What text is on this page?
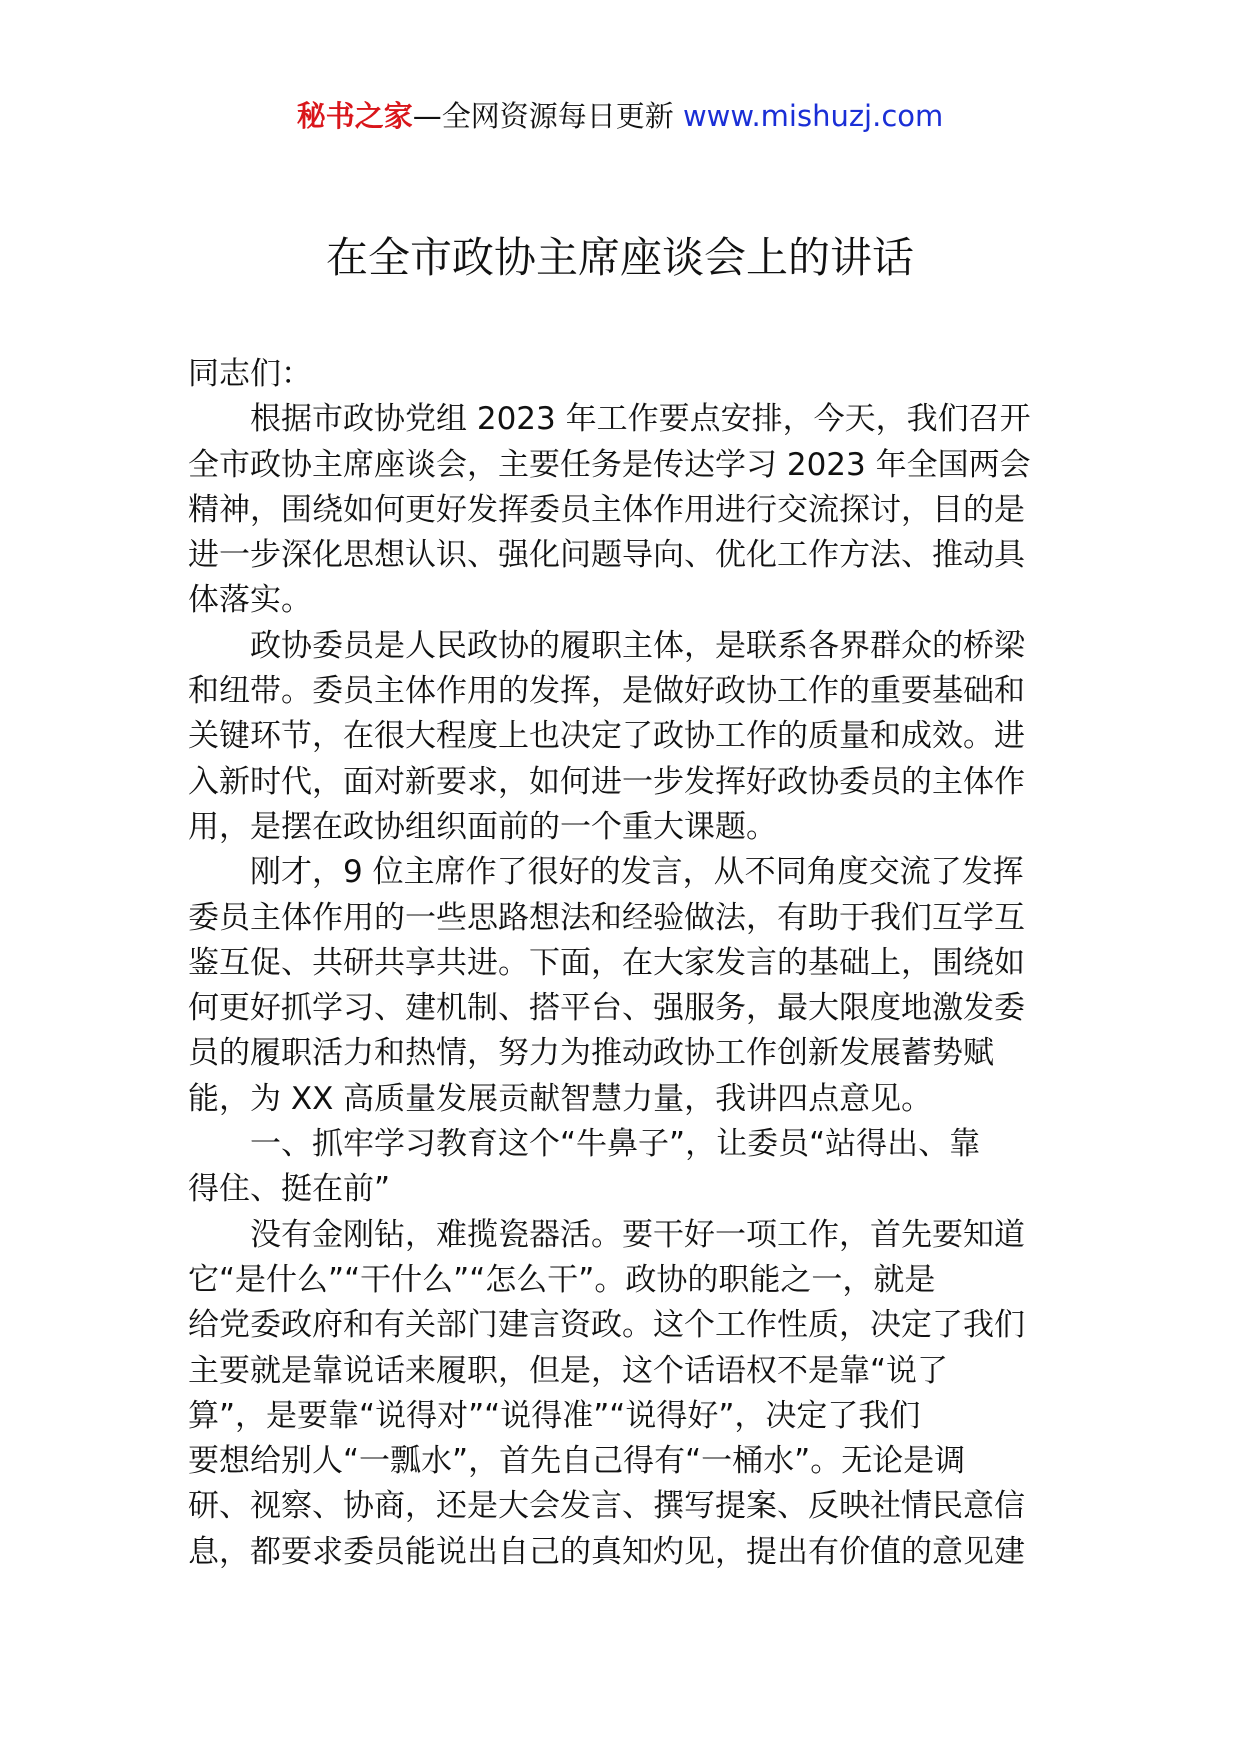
秘书之家—全网资源每日更新 www.mishuzj.com
在全市政协主席座谈会上的讲话
同志们：
根据市政协党组 2023 年工作要点安排，今天，我们召开
全市政协主席座谈会，主要任务是传达学习 2023 年全国两会
精神，围绕如何更好发挥委员主体作用进行交流探讨，目的是
进一步深化思想认识、强化问题导向、优化工作方法、推动具
体落实。
政协委员是人民政协的履职主体，是联系各界群众的桥梁
和纽带。委员主体作用的发挥，是做好政协工作的重要基础和
关键环节，在很大程度上也决定了政协工作的质量和成效。进
入新时代，面对新要求，如何进一步发挥好政协委员的主体作
用，是摆在政协组织面前的一个重大课题。
刚才，9 位主席作了很好的发言，从不同角度交流了发挥
委员主体作用的一些思路想法和经验做法，有助于我们互学互
鉴互促、共研共享共进。下面，在大家发言的基础上，围绕如
何更好抓学习、建机制、搭平台、强服务，最大限度地激发委
员的履职活力和热情，努力为推动政协工作创新发展蓄势赋
能，为 XX 高质量发展贡献智慧力量，我讲四点意见。
一、抓牢学习教育这个“牛鼻子”，让委员“站得出、靠
得住、挺在前”
没有金刚钻，难揽瓷器活。要干好一项工作，首先要知道
它“是什么”“干什么”“怎么干”。政协的职能之一，就是
给党委政府和有关部门建言资政。这个工作性质，决定了我们
主要就是靠说话来履职，但是，这个话语权不是靠“说了
算”，是要靠“说得对”“说得准”“说得好”，决定了我们
要想给别人“一瓢水”，首先自己得有“一桶水”。无论是调
研、视察、协商，还是大会发言、撰写提案、反映社情民意信
息，都要求委员能说出自己的真知灼见，提出有价值的意见建
